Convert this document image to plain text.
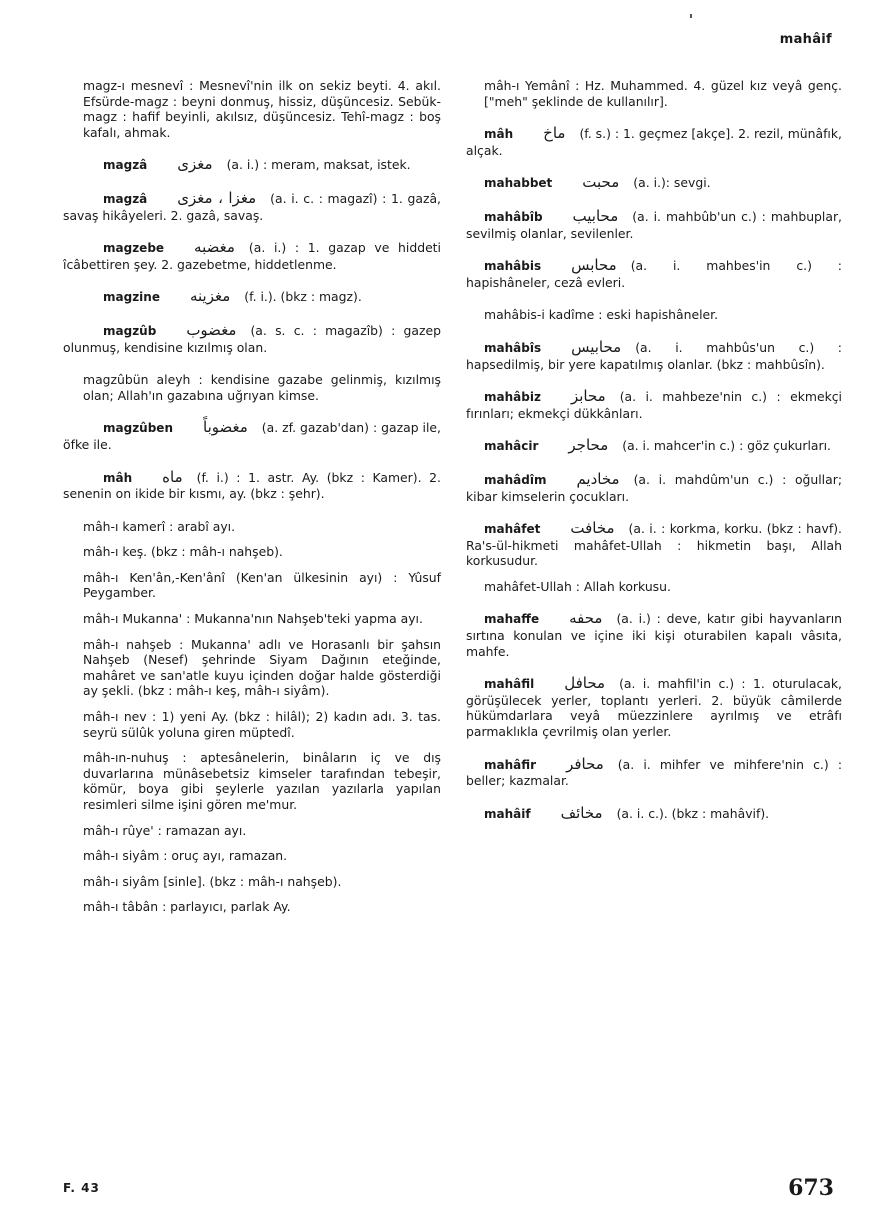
mahâif
magz-ı mesnevî : Mesnevî'nin ilk on sekiz beyti. 4. akıl. Efsürde-magz : beyni donmuş, hissiz, düşüncesiz. Sebük-magz : hafif beyinli, akılsız, düşüncesiz. Tehî-magz : boş kafalı, ahmak.
magzâ مغزى (a. i.) : meram, maksat, istek.
magzâ مغزا ، مغزى (a. i. c. : magazî) : 1. gazâ, savaş hikâyeleri. 2. gazâ, savaş.
magzebe مغضبه (a. i.) : 1. gazap ve hiddeti îcâbettiren şey. 2. gazebetme, hiddetlenme.
magzine مغزينه (f. i.). (bkz : magz).
magzûb مغضوب (a. s. c. : magazîb) : gazep olunmuş, kendisine kızılmış olan.
magzûbün aleyh : kendisine gazabe gelinmiş, kızılmış olan; Allah'ın gazabına uğrıyan kimse.
magzûben مغضوباً (a. zf. gazab'dan) : gazap ile, öfke ile.
mâh ماه (f. i.) : 1. astr. Ay. (bkz : Kamer). 2. senenin on ikide bir kısmı, ay. (bkz : şehr).
mâh-ı kamerî : arabî ayı.
mâh-ı keş. (bkz : mâh-ı nahşeb).
mâh-ı Ken'ân,-Ken'ânî (Ken'an ülkesinin ayı) : Yûsuf Peygamber.
mâh-ı Mukanna' : Mukanna'nın Nahşeb'teki yapma ayı.
mâh-ı nahşeb : Mukanna' adlı ve Horasanlı bir şahsın Nahşeb (Nesef) şehrinde Siyam Dağının eteğinde, mahâret ve san'atle kuyu içinden doğar halde gösterdiği ay şekli. (bkz : mâh-ı keş, mâh-ı siyâm).
mâh-ı nev : 1) yeni Ay. (bkz : hilâl); 2) kadın adı. 3. tas. seyrü sülûk yoluna giren müptedî.
mâh-ın-nuhuş : aptesânelerin, binâların iç ve dış duvarlarına münâsebetsiz kimseler tarafından tebeşir, kömür, boya gibi şeylerle yazılan yazılarla yapılan resimleri silme işini gören me'mur.
mâh-ı rûye' : ramazan ayı.
mâh-ı siyâm : oruç ayı, ramazan.
mâh-ı siyâm [sinle]. (bkz : mâh-ı nahşeb).
mâh-ı tâbân : parlayıcı, parlak Ay.
mâh-ı Yemânî : Hz. Muhammed. 4. güzel kız veyâ genç. ["meh" şeklinde de kullanılır].
mâh ماخ (f. s.) : 1. geçmez [akçe]. 2. rezil, münâfık, alçak.
mahabbet محبت (a. i.): sevgi.
mahâbîb محابيب (a. i. mahbûb'un c.) : mahbuplar, sevilmiş olanlar, sevilenler.
mahâbis محابس (a. i. mahbes'in c.) : hapishâneler, cezâ evleri.
mahâbis-i kadîme : eski hapishâneler.
mahâbîs محابيس (a. i. mahbûs'un c.) : hapsedilmiş, bir yere kapatılmış olanlar. (bkz : mahbûsîn).
mahâbiz محابز (a. i. mahbeze'nin c.) : ekmekçi fırınları; ekmekçi dükkânları.
mahâcir محاجر (a. i. mahcer'in c.) : göz çukurları.
mahâdîm مخاديم (a. i. mahdûm'un c.) : oğullar; kibar kimselerin çocukları.
mahâfet مخافت (a. i. : korkma, korku. (bkz : havf). Ra's-ül-hikmeti mahâfet-Ullah : hikmetin başı, Allah korkusudur.
mahâfet-Ullah : Allah korkusu.
mahaffe محفه (a. i.) : deve, katır gibi hayvanların sırtına konulan ve içine iki kişi oturabilen kapalı vâsıta, mahfe.
mahâfil محافل (a. i. mahfil'in c.) : 1. oturulacak, görüşülecek yerler, toplantı yerleri. 2. büyük câmilerde hükümdarlara veyâ müezzinlere ayrılmış ve etrâfı parmaklıkla çevrilmiş olan yerler.
mahâfir محافر (a. i. mihfer ve mihfere'nin c.) : beller; kazmalar.
mahâif مخائف (a. i. c.). (bkz : mahâvif).
F. 43	673
